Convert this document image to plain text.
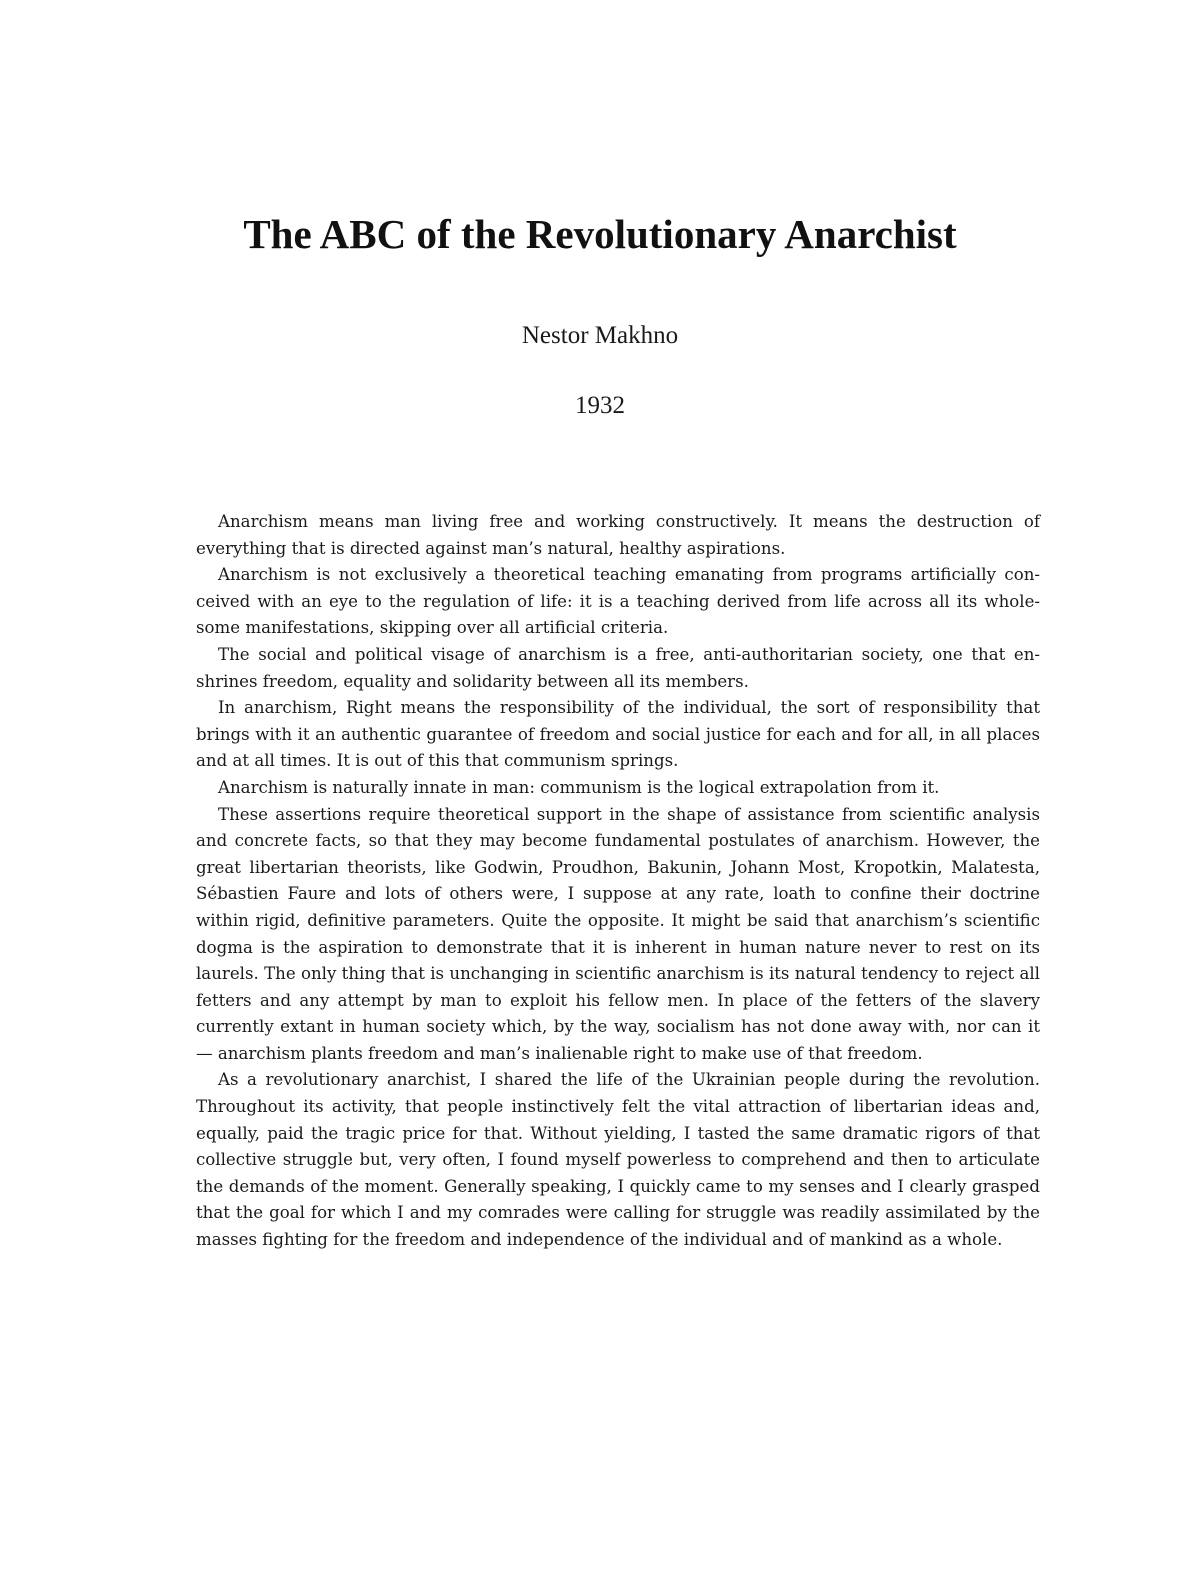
The ABC of the Revolutionary Anarchist
Nestor Makhno
1932

Anarchism means man living free and working constructively. It means the destruction of everything that is directed against man’s natural, healthy aspirations.

Anarchism is not exclusively a theoretical teaching emanating from programs artificially conceived with an eye to the regulation of life: it is a teaching derived from life across all its wholesome manifestations, skipping over all artificial criteria.

The social and political visage of anarchism is a free, anti-authoritarian society, one that enshrines freedom, equality and solidarity between all its members.

In anarchism, Right means the responsibility of the individual, the sort of responsibility that brings with it an authentic guarantee of freedom and social justice for each and for all, in all places and at all times. It is out of this that communism springs.

Anarchism is naturally innate in man: communism is the logical extrapolation from it.

These assertions require theoretical support in the shape of assistance from scientific analysis and concrete facts, so that they may become fundamental postulates of anarchism. However, the great libertarian theorists, like Godwin, Proudhon, Bakunin, Johann Most, Kropotkin, Malatesta, Sébastien Faure and lots of others were, I suppose at any rate, loath to confine their doctrine within rigid, definitive parameters. Quite the opposite. It might be said that anarchism’s scientific dogma is the aspiration to demonstrate that it is inherent in human nature never to rest on its laurels. The only thing that is unchanging in scientific anarchism is its natural tendency to reject all fetters and any attempt by man to exploit his fellow men. In place of the fetters of the slavery currently extant in human society which, by the way, socialism has not done away with, nor can it — anarchism plants freedom and man’s inalienable right to make use of that freedom.

As a revolutionary anarchist, I shared the life of the Ukrainian people during the revolution. Throughout its activity, that people instinctively felt the vital attraction of libertarian ideas and, equally, paid the tragic price for that. Without yielding, I tasted the same dramatic rigors of that collective struggle but, very often, I found myself powerless to comprehend and then to articulate the demands of the moment. Generally speaking, I quickly came to my senses and I clearly grasped that the goal for which I and my comrades were calling for struggle was readily assimilated by the masses fighting for the freedom and independence of the individual and of mankind as a whole.
